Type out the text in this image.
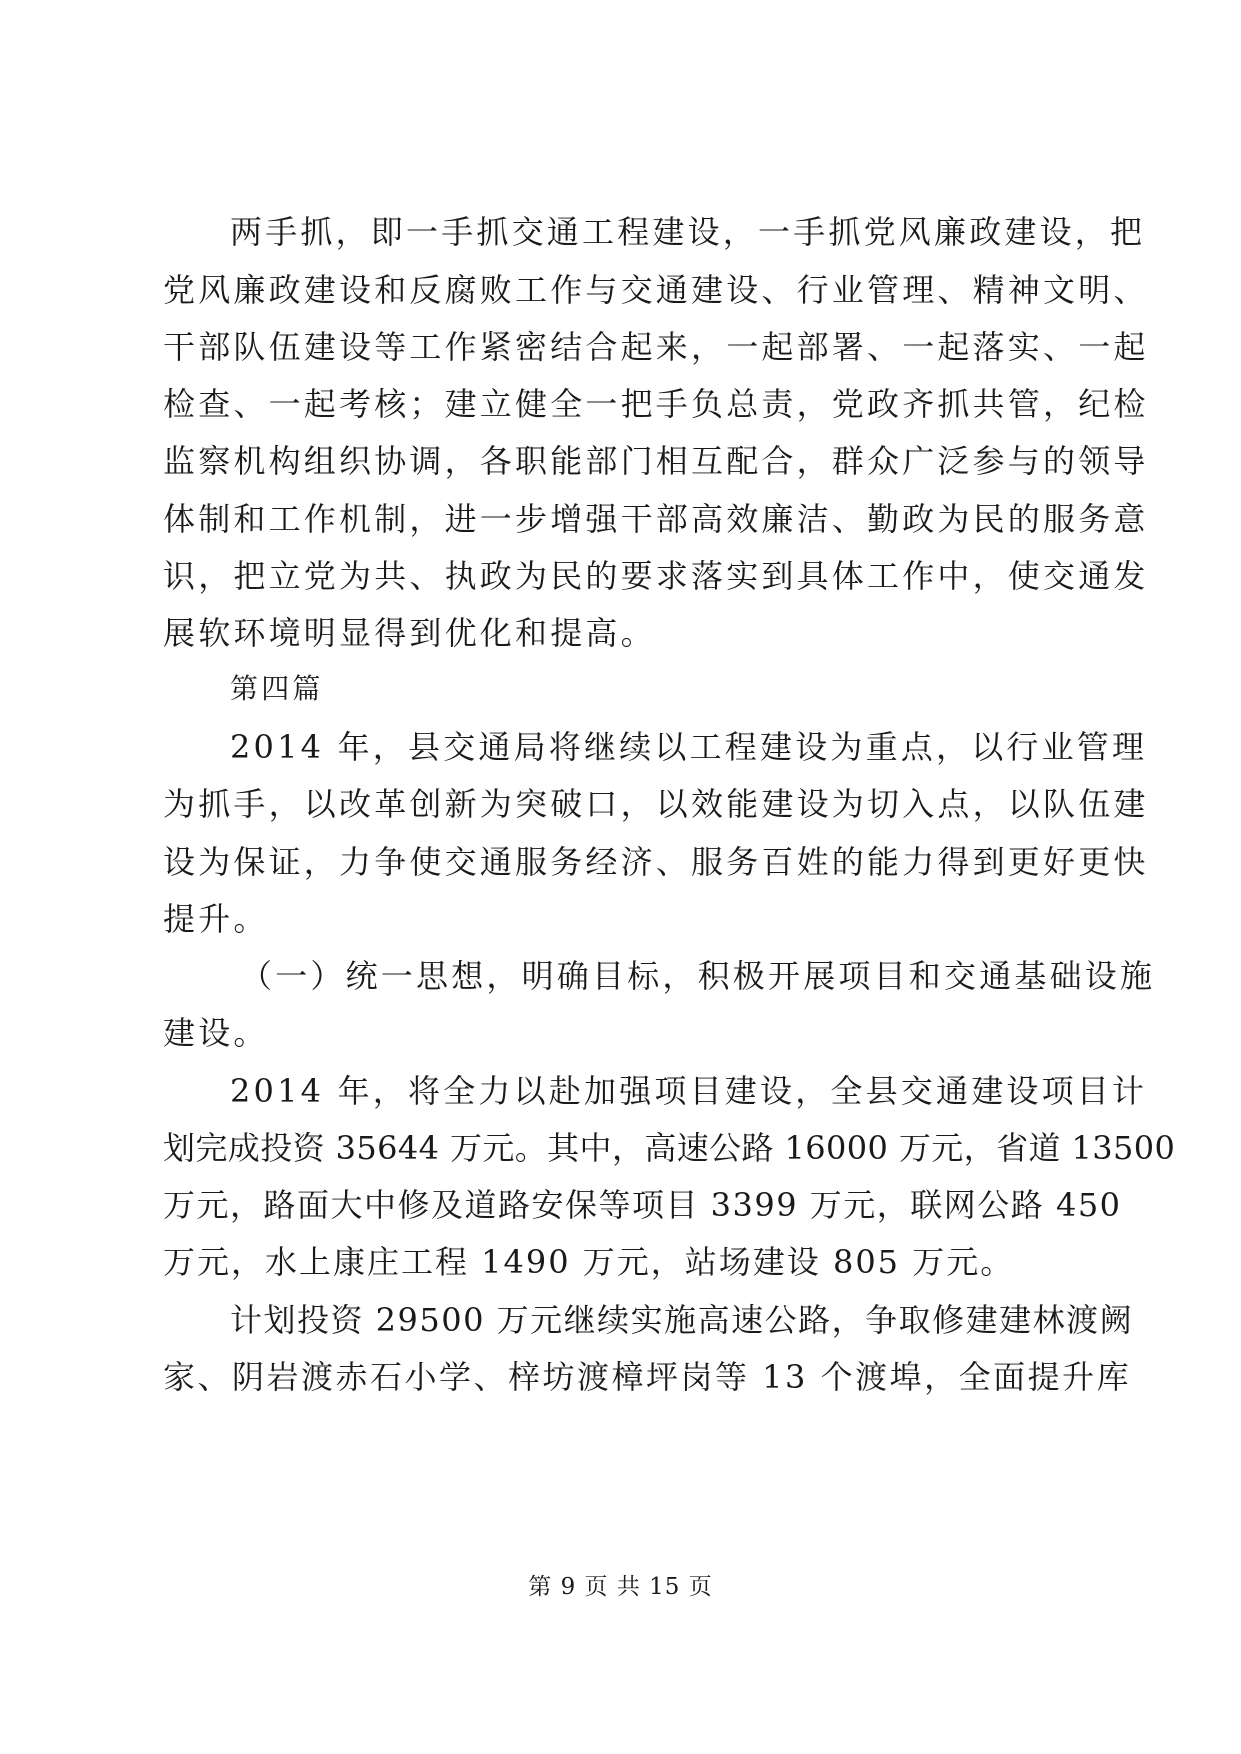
两手抓，即一手抓交通工程建设，一手抓党风廉政建设，把
党风廉政建设和反腐败工作与交通建设、行业管理、精神文明、
干部队伍建设等工作紧密结合起来，一起部署、一起落实、一起
检查、一起考核；建立健全一把手负总责，党政齐抓共管，纪检
监察机构组织协调，各职能部门相互配合，群众广泛参与的领导
体制和工作机制，进一步增强干部高效廉洁、勤政为民的服务意
识，把立党为共、执政为民的要求落实到具体工作中，使交通发
展软环境明显得到优化和提高。
第四篇
2014 年，县交通局将继续以工程建设为重点，以行业管理
为抓手，以改革创新为突破口，以效能建设为切入点，以队伍建
设为保证，力争使交通服务经济、服务百姓的能力得到更好更快
提升。
（一）统一思想，明确目标，积极开展项目和交通基础设施
建设。
2014 年，将全力以赴加强项目建设，全县交通建设项目计
划完成投资 35644 万元。其中，高速公路 16000 万元，省道 13500
万元，路面大中修及道路安保等项目 3399 万元，联网公路 450
万元，水上康庄工程 1490 万元，站场建设 805 万元。
计划投资 29500 万元继续实施高速公路，争取修建建林渡阙
家、阴岩渡赤石小学、梓坊渡樟坪岗等 13 个渡埠，全面提升库
第 9 页 共 15 页
